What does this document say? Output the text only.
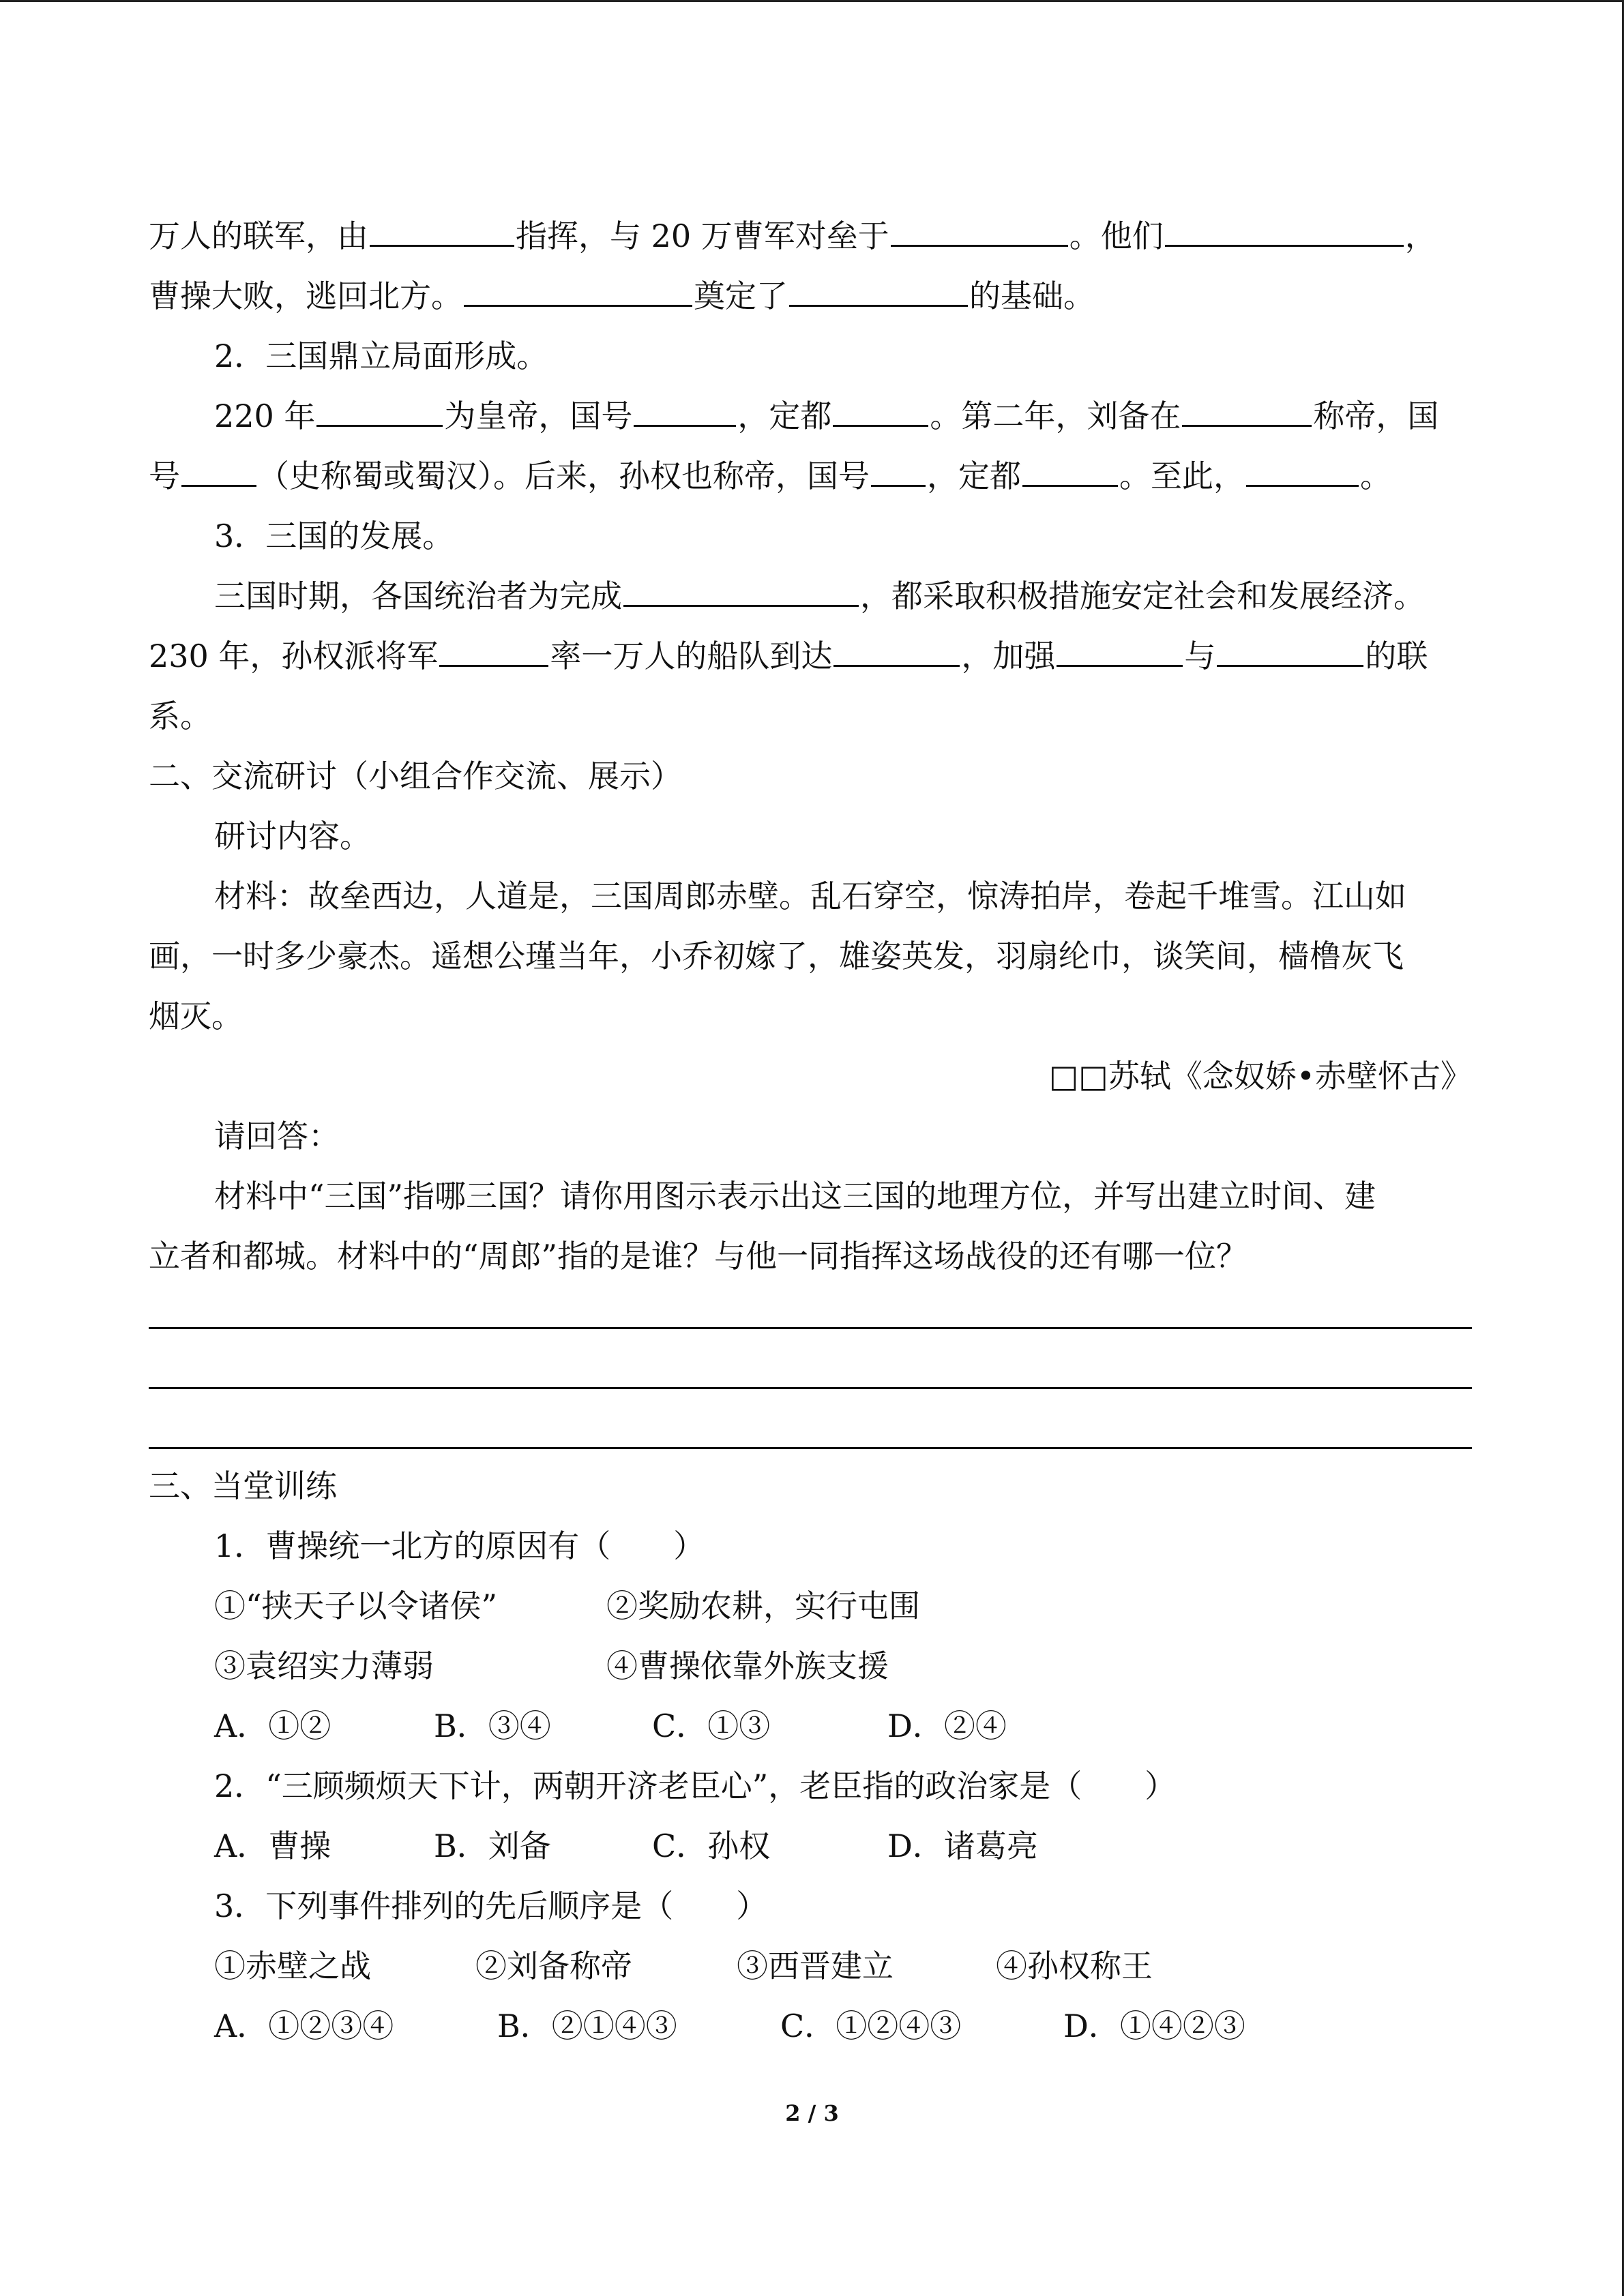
万人的联军，由	指挥，与 20 万曹军对垒于	。他们	，
曹操大败，逃回北方。	奠定了	的基础。
2．三国鼎立局面形成。
220 年	为皇帝，国号	，定都	。第二年，刘备在	称帝，国
号 （史称蜀或蜀汉）。后来，孙权也称帝，国号 ，定都	。至此，	。
3．三国的发展。
三国时期，各国统治者为完成	，都采取积极措施安定社会和发展经济。
230 年，孙权派将军	率一万人的船队到达	，加强	与	的联
系。
二、交流研讨（小组合作交流、展示）
研讨内容。
材料：故垒西边，人道是，三国周郎赤壁。乱石穿空，惊涛拍岸，卷起千堆雪。江山如
画，一时多少豪杰。遥想公瑾当年，小乔初嫁了，雄姿英发，羽扇纶巾，谈笑间，樯橹灰飞
烟灭。
□□苏轼《念奴娇•赤壁怀古》
请回答：
材料中“三国”指哪三国？请你用图示表示出这三国的地理方位，并写出建立时间、建
立者和都城。材料中的“周郎”指的是谁？与他一同指挥这场战役的还有哪一位？
三、当堂训练
1．曹操统一北方的原因有（　　）
①“挟天子以令诸侯”	②奖励农耕，实行屯围
③袁绍实力薄弱	④曹操依靠外族支援
A．①②	B．③④	C．①③	D．②④
2．“三顾频烦天下计，两朝开济老臣心”，老臣指的政治家是（　　）
A．曹操	B．刘备	C．孙权	D．诸葛亮
3．下列事件排列的先后顺序是（　　）
①赤壁之战	②刘备称帝	③西晋建立	④孙权称王
A．①②③④	B．②①④③	C．①②④③	D．①④②③
2 / 3
